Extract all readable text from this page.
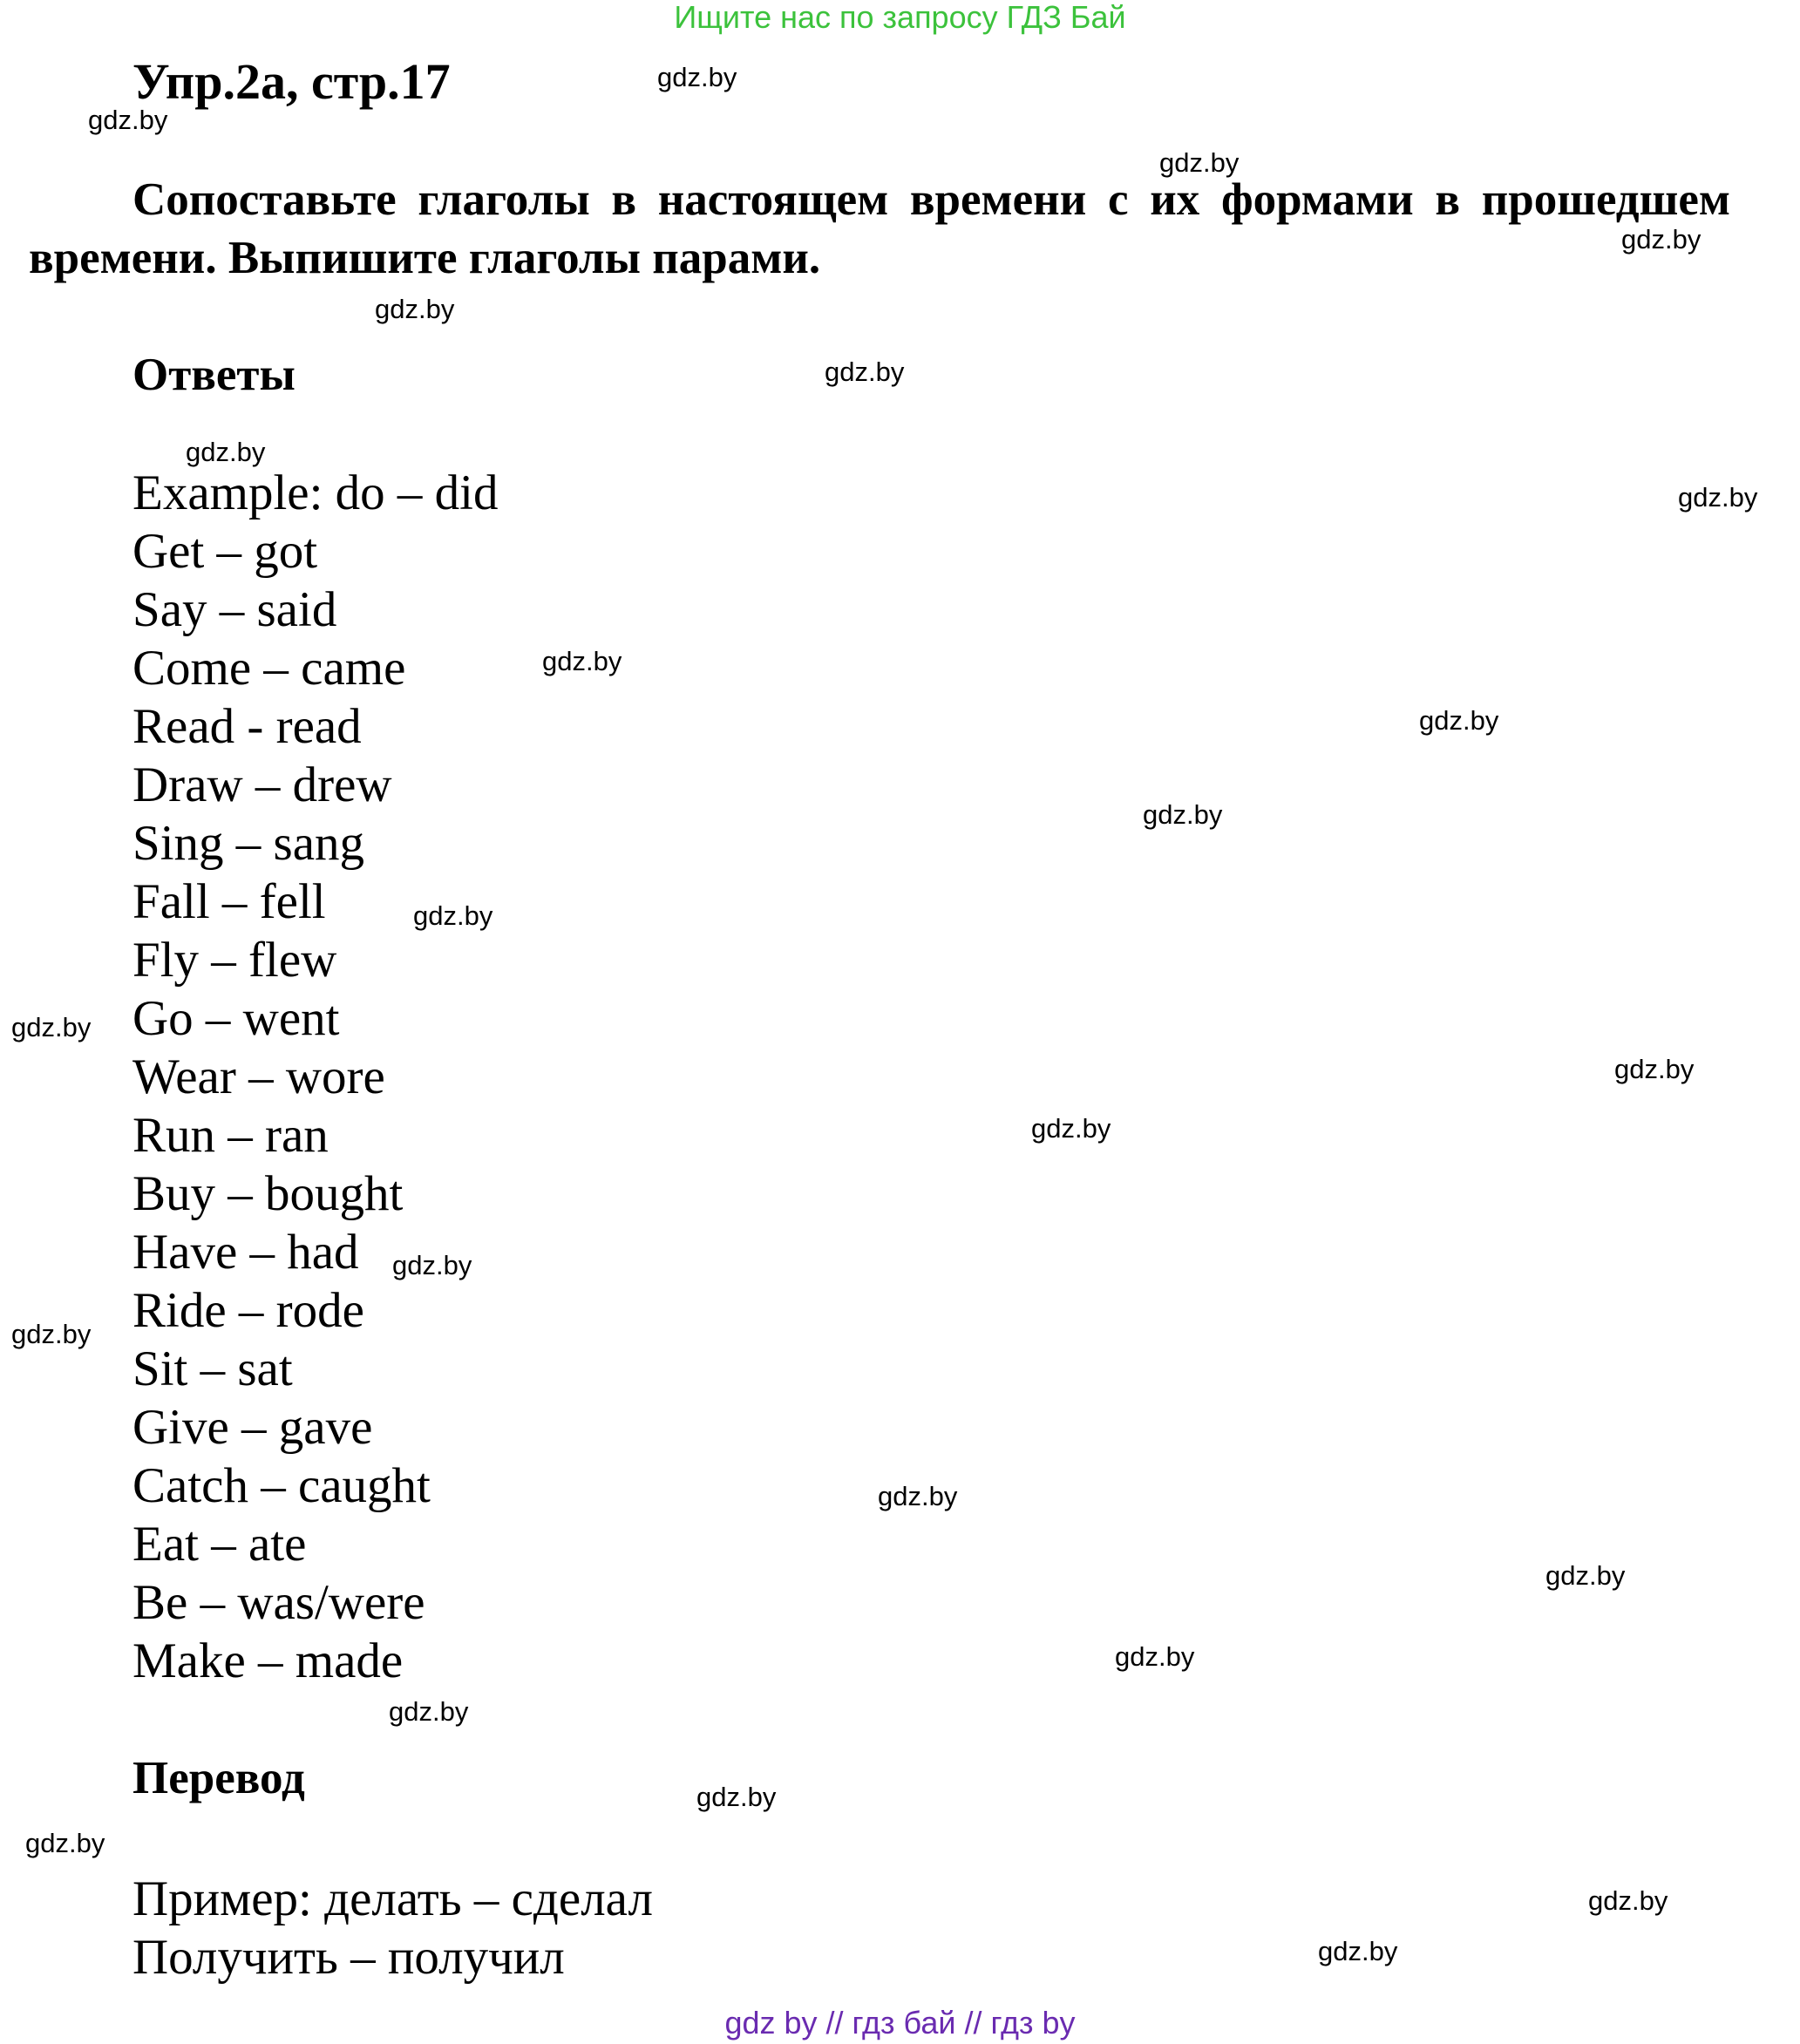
Ищите нас по запросу ГДЗ Бай
Упр.2а, стр.17
Сопоставьте глаголы в настоящем времени с их формами в прошедшем времени. Выпишите глаголы парами.
Ответы
Example: do – did
Get – got
Say – said
Come – came
Read - read
Draw – drew
Sing – sang
Fall – fell
Fly – flew
Go – went
Wear – wore
Run – ran
Buy – bought
Have – had
Ride – rode
Sit – sat
Give – gave
Catch – caught
Eat – ate
Be – was/were
Make – made
Перевод
Пример: делать – сделал
Получить – получил
gdz.by
gdz.by
gdz.by
gdz.by
gdz.by
gdz.by
gdz.by
gdz.by
gdz.by
gdz.by
gdz.by
gdz.by
gdz.by
gdz.by
gdz.by
gdz.by
gdz.by
gdz.by
gdz.by
gdz.by
gdz.by
gdz.by
gdz.by
gdz.by
gdz.by
gdz by // гдз бай // гдз by
